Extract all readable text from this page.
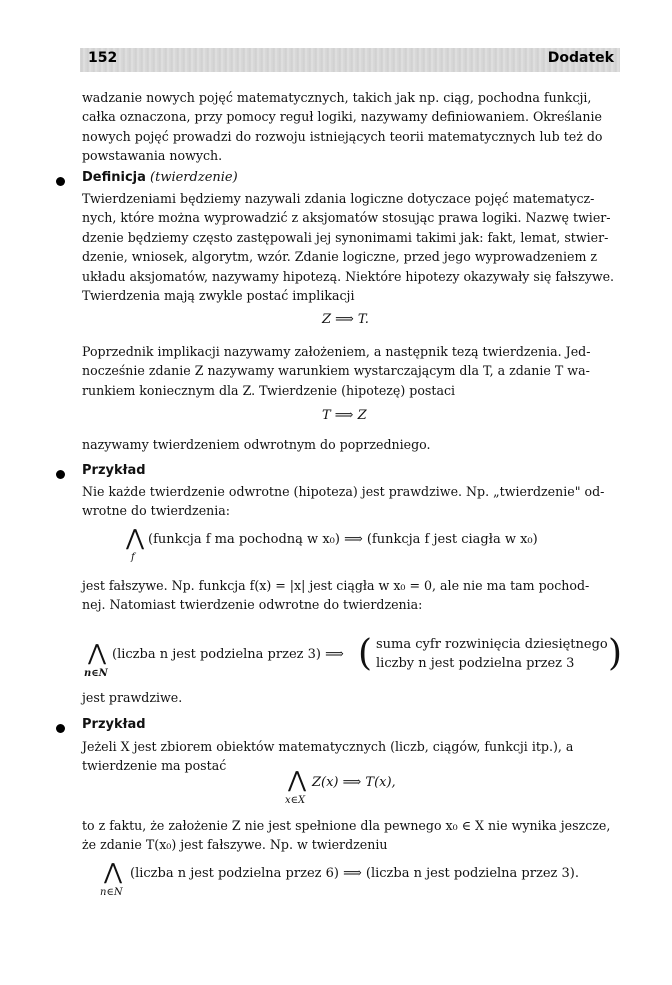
152	Dodatek
wadzanie nowych pojęć matematycznych, takich jak np. ciąg, pochodna funkcji,
całka oznaczona, przy pomocy reguł logiki, nazywamy definiowaniem. Określanie
nowych pojęć prowadzi do rozwoju istniejących teorii matematycznych lub też do
powstawania nowych.
Definicja (twierdzenie)
Twierdzeniami będziemy nazywali zdania logiczne dotyczace pojęć matematycz-
nych, które można wyprowadzić z aksjomatów stosując prawa logiki. Nazwę twier-
dzenie będziemy często zastępowali jej synonimami takimi jak: fakt, lemat, stwier-
dzenie, wniosek, algorytm, wzór. Zdanie logiczne, przed jego wyprowadzeniem z
układu aksjomatów, nazywamy hipotezą. Niektóre hipotezy okazywały się fałszywe.
Twierdzenia mają zwykle postać implikacji
Z ⟹ T.
Poprzednik implikacji nazywamy założeniem, a następnik tezą twierdzenia. Jed-
nocześnie zdanie Z nazywamy warunkiem wystarczającym dla T, a zdanie T wa-
runkiem koniecznym dla Z. Twierdzenie (hipotezę) postaci
T ⟹ Z
nazywamy twierdzeniem odwrotnym do poprzedniego.
Przykład
Nie każde twierdzenie odwrotne (hipoteza) jest prawdziwe. Np. „twierdzenie" od-
wrotne do twierdzenia:
⋀
f
(funkcja f ma pochodną w x₀) ⟹ (funkcja f jest ciagła w x₀)
jest fałszywe. Np. funkcja f(x) = |x| jest ciągła w x₀ = 0, ale nie ma tam pochod-
nej. Natomiast twierdzenie odwrotne do twierdzenia:
⋀
n∈N
(liczba n jest podzielna przez 3) ⟹ ( suma cyfr rozwinięcia dziesiętnego
liczby n jest podzielna przez 3 )
jest prawdziwe.
Przykład
Jeżeli X jest zbiorem obiektów matematycznych (liczb, ciągów, funkcji itp.), a
twierdzenie ma postać
⋀
x∈X
Z(x) ⟹ T(x),
to z faktu, że założenie Z nie jest spełnione dla pewnego x₀ ∈ X nie wynika jeszcze,
że zdanie T(x₀) jest fałszywe. Np. w twierdzeniu
⋀
n∈N
(liczba n jest podzielna przez 6) ⟹ (liczba n jest podzielna przez 3).
